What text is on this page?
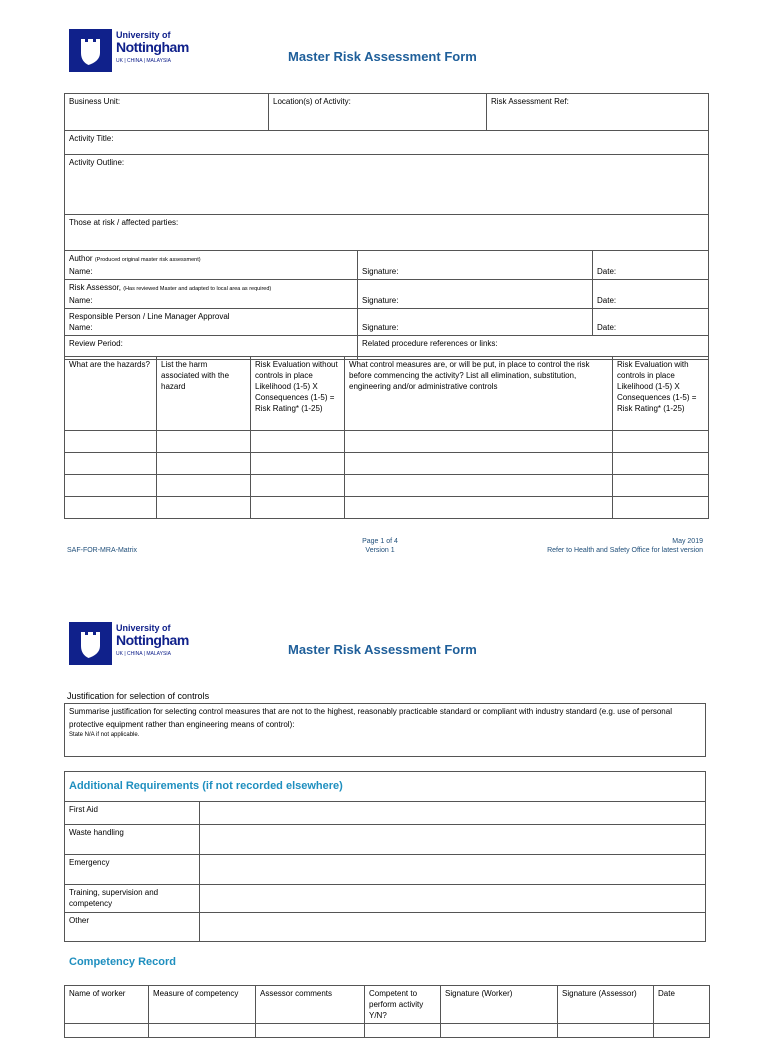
University of
Nottingham
UK | CHINA | MALAYSIA	Master Risk Assessment Form
Business Unit:	Location(s) of Activity:	Risk Assessment Ref:
Activity Title:
Activity Outline:
Those at risk / affected parties:
Author (Produced original master risk assessment)
Name:	Signature:	Date:
Risk Assessor, (Has reviewed Master and adapted to local area as required)
Name:	Signature:	Date:
Responsible Person / Line Manager Approval
Name:	Signature:	Date:
Review Period:	Related procedure references or links:	
What are the hazards?	List the harm associated with the hazard	Risk Evaluation without controls in place Likelihood (1-5) X Consequences (1-5) = Risk Rating* (1-25)	What control measures are, or will be put, in place to control the risk before commencing the activity? List all elimination, substitution, engineering and/or administrative controls	Risk Evaluation with controls in place Likelihood (1-5) X Consequences (1-5) = Risk Rating* (1-25)

SAF-FOR-MRA-Matrix
Page 1 of 4
Version 1
May 2019
Refer to Health and Safety Office for latest version
University of
Nottingham
UK | CHINA | MALAYSIA	Master Risk Assessment Form
Justification for selection of controls
Summarise justification for selecting control measures that are not to the highest, reasonably practicable standard or compliant with industry standard (e.g. use of personal protective equipment rather than engineering means of control):
State N/A if not applicable.
Additional Requirements (if not recorded elsewhere)	
First Aid	
Waste handling	
Emergency	
Training, supervision and competency	
Other	
Competency Record
Name of worker	Measure of competency	Assessor comments	Competent to perform activity Y/N?	Signature (Worker)	Signature (Assessor)	Date
